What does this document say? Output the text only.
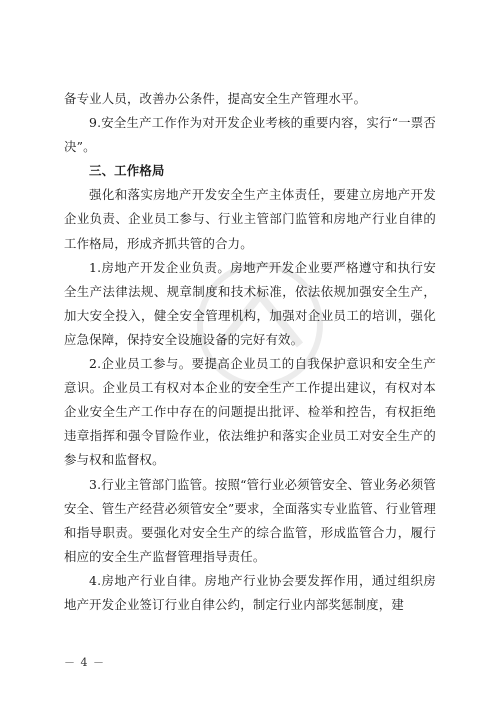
备专业人员，改善办公条件，提高安全生产管理水平。

9.安全生产工作作为对开发企业考核的重要内容，实行“一票否决”。

三、工作格局

强化和落实房地产开发安全生产主体责任，要建立房地产开发企业负责、企业员工参与、行业主管部门监管和房地产行业自律的工作格局，形成齐抓共管的合力。

1.房地产开发企业负责。房地产开发企业要严格遵守和执行安全生产法律法规、规章制度和技术标准，依法依规加强安全生产，加大安全投入，健全安全管理机构，加强对企业员工的培训，强化应急保障，保持安全设施设备的完好有效。

2.企业员工参与。要提高企业员工的自我保护意识和安全生产意识。企业员工有权对本企业的安全生产工作提出建议，有权对本企业安全生产工作中存在的问题提出批评、检举和控告，有权拒绝违章指挥和强令冒险作业，依法维护和落实企业员工对安全生产的参与权和监督权。

3.行业主管部门监管。按照“管行业必须管安全、管业务必须管安全、管生产经营必须管安全”要求，全面落实专业监管、行业管理和指导职责。要强化对安全生产的综合监管，形成监管合力，履行相应的安全生产监督管理指导责任。

4.房地产行业自律。房地产行业协会要发挥作用，通过组织房地产开发企业签订行业自律公约，制定行业内部奖惩制度，建

－ 4 －
